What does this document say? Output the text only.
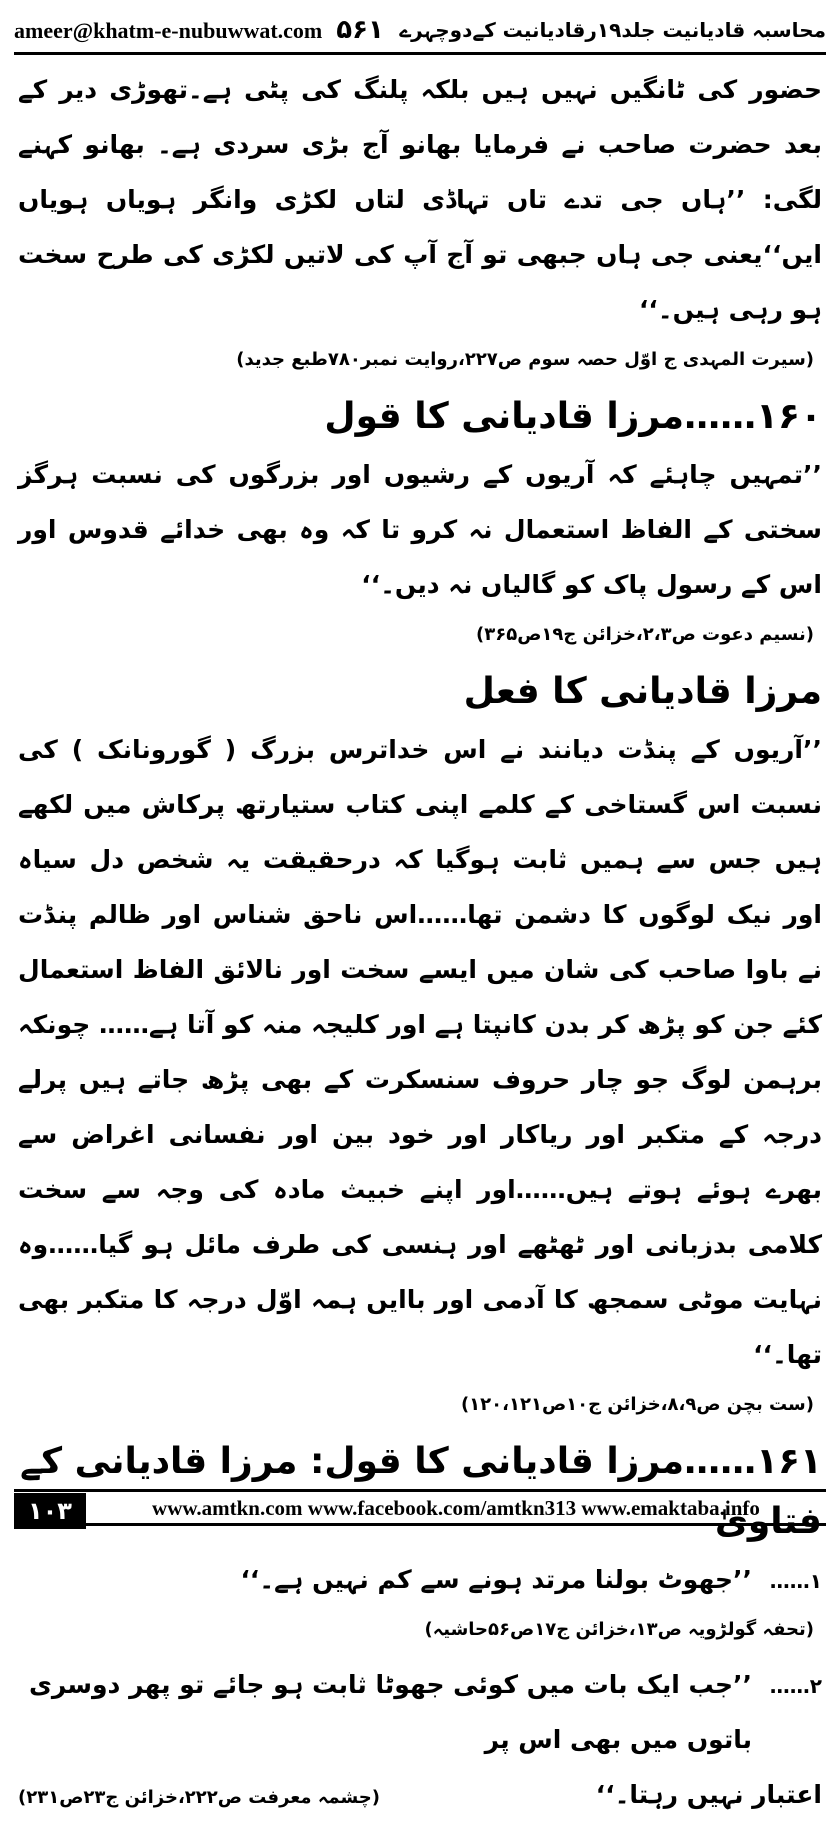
ameer@khatm-e-nubuwwat.com ۵۶۱ محاسبہ قادیانیت جلد۱۹رقادیانیت کےدوچہرے

حضور کی ٹانگیں نہیں ہیں بلکہ پلنگ کی پٹی ہے۔تھوڑی دیر کے بعد حضرت صاحب نے فرمایا بھانو آج بڑی سردی ہے۔ بھانو کہنے لگی: ’’ہاں جی تدے تاں تہاڈی لتاں لکڑی وانگر ہویاں ہویاں ایں‘‘یعنی جی ہاں جبھی تو آج آپ کی لاتیں لکڑی کی طرح سخت ہو رہی ہیں۔‘‘

(سیرت المہدی ج اوّل حصہ سوم ص۲۲۷،روایت نمبر۷۸۰طبع جدید)
۱۶۰……مرزا قادیانی کا قول

’’تمہیں چاہئے کہ آریوں کے رشیوں اور بزرگوں کی نسبت ہرگز سختی کے الفاظ استعمال نہ کرو تا کہ وہ بھی خدائے قدوس اور اس کے رسول پاک کو گالیاں نہ دیں۔‘‘

(نسیم دعوت ص۲،۳،خزائن ج۱۹ص۳۶۵)
مرزا قادیانی کا فعل

’’آریوں کے پنڈت دیانند نے اس خداترس بزرگ ( گورونانک ) کی نسبت اس گستاخی کے کلمے اپنی کتاب ستیارتھ پرکاش میں لکھے ہیں جس سے ہمیں ثابت ہوگیا کہ درحقیقت یہ شخص دل سیاہ اور نیک لوگوں کا دشمن تھا……اس ناحق شناس اور ظالم پنڈت نے باوا صاحب کی شان میں ایسے سخت اور نالائق الفاظ استعمال کئے جن کو پڑھ کر بدن کانپتا ہے اور کلیجہ منہ کو آتا ہے…… چونکہ برہمن لوگ جو چار حروف سنسکرت کے بھی پڑھ جاتے ہیں پرلے درجہ کے متکبر اور ریاکار اور خود بین اور نفسانی اغراض سے بھرے ہوئے ہوتے ہیں……اور اپنے خبیث مادہ کی وجہ سے سخت کلامی بدزبانی اور ٹھٹھے اور ہنسی کی طرف مائل ہو گیا……وہ نہایت موٹی سمجھ کا آدمی اور باایں ہمہ اوّل درجہ کا متکبر بھی تھا۔‘‘

(ست بچن ص۸،۹،خزائن ج۱۰ص۱۲۰،۱۲۱)
۱۶۱……مرزا قادیانی کا قول: مرزا قادیانی کے فتاویٰ
۱……
’’جھوٹ بولنا مرتد ہونے سے کم نہیں ہے۔‘‘
(تحفہ گولڑویہ ص۱۳،خزائن ج۱۷ص۵۶حاشیہ)
۲……
’’جب ایک بات میں کوئی جھوٹا ثابت ہو جائے تو پھر دوسری باتوں میں بھی اس پر
اعتبار نہیں رہتا۔‘‘
(چشمہ معرفت ص۲۲۲،خزائن ج۲۳ص۲۳۱)
۱۰۳	www.amtkn.com www.facebook.com/amtkn313 www.emaktaba.info
